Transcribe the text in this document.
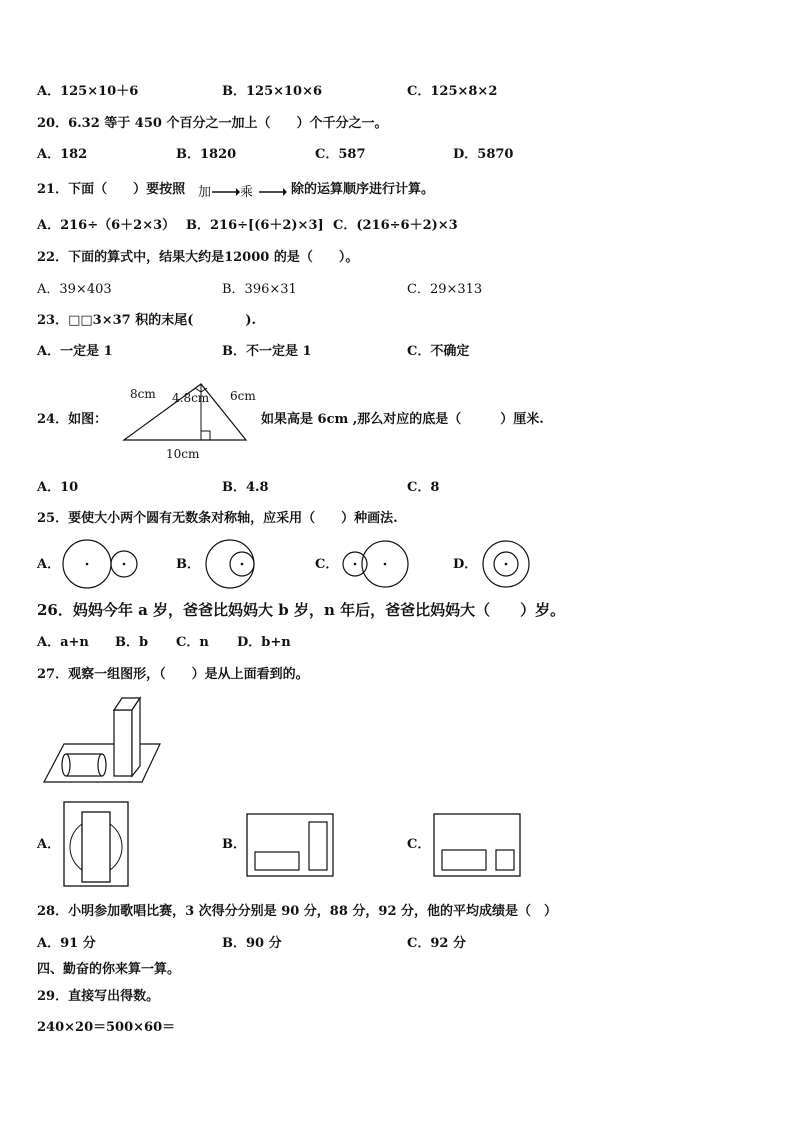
A．125×10＋6	B．125×10×6	C．125×8×2
20．6.32 等于 450 个百分之一加上（　　）个千分之一。
A．182	B．1820	C．587	D．5870
21．下面（　　）要按照 加 乘	除的运算顺序进行计算。
A．216÷（6＋2×3） B．216÷[(6＋2)×3] C．(216÷6＋2)×3
22．下面的算式中，结果大约是12000 的是（　　）。
A．39×403	B．396×31	C．29×313
23．□□3×37 积的末尾(　　　　).
A．一定是 1	B．不一定是 1	C．不确定
24．如图：
8cm 4.8cm 6cm
10cm
如果高是 6cm ,那么对应的底是（　　　）厘米.
A．10	B．4.8	C．8
25．要使大小两个圆有无数条对称轴，应采用（　　）种画法.
A．	B．	C．	D．
26．妈妈今年 a 岁，爸爸比妈妈大 b 岁，n 年后，爸爸比妈妈大（　　）岁。
A．a+n B．b C．n D．b+n
27．观察一组图形，（　　）是从上面看到的。
A．	B．	C．
28．小明参加歌唱比赛，3 次得分分别是 90 分，88 分，92 分，他的平均成绩是（　）
A．91 分	B．90 分	C．92 分
四、勤奋的你来算一算。
29．直接写出得数。
240×20＝ 500×60＝
